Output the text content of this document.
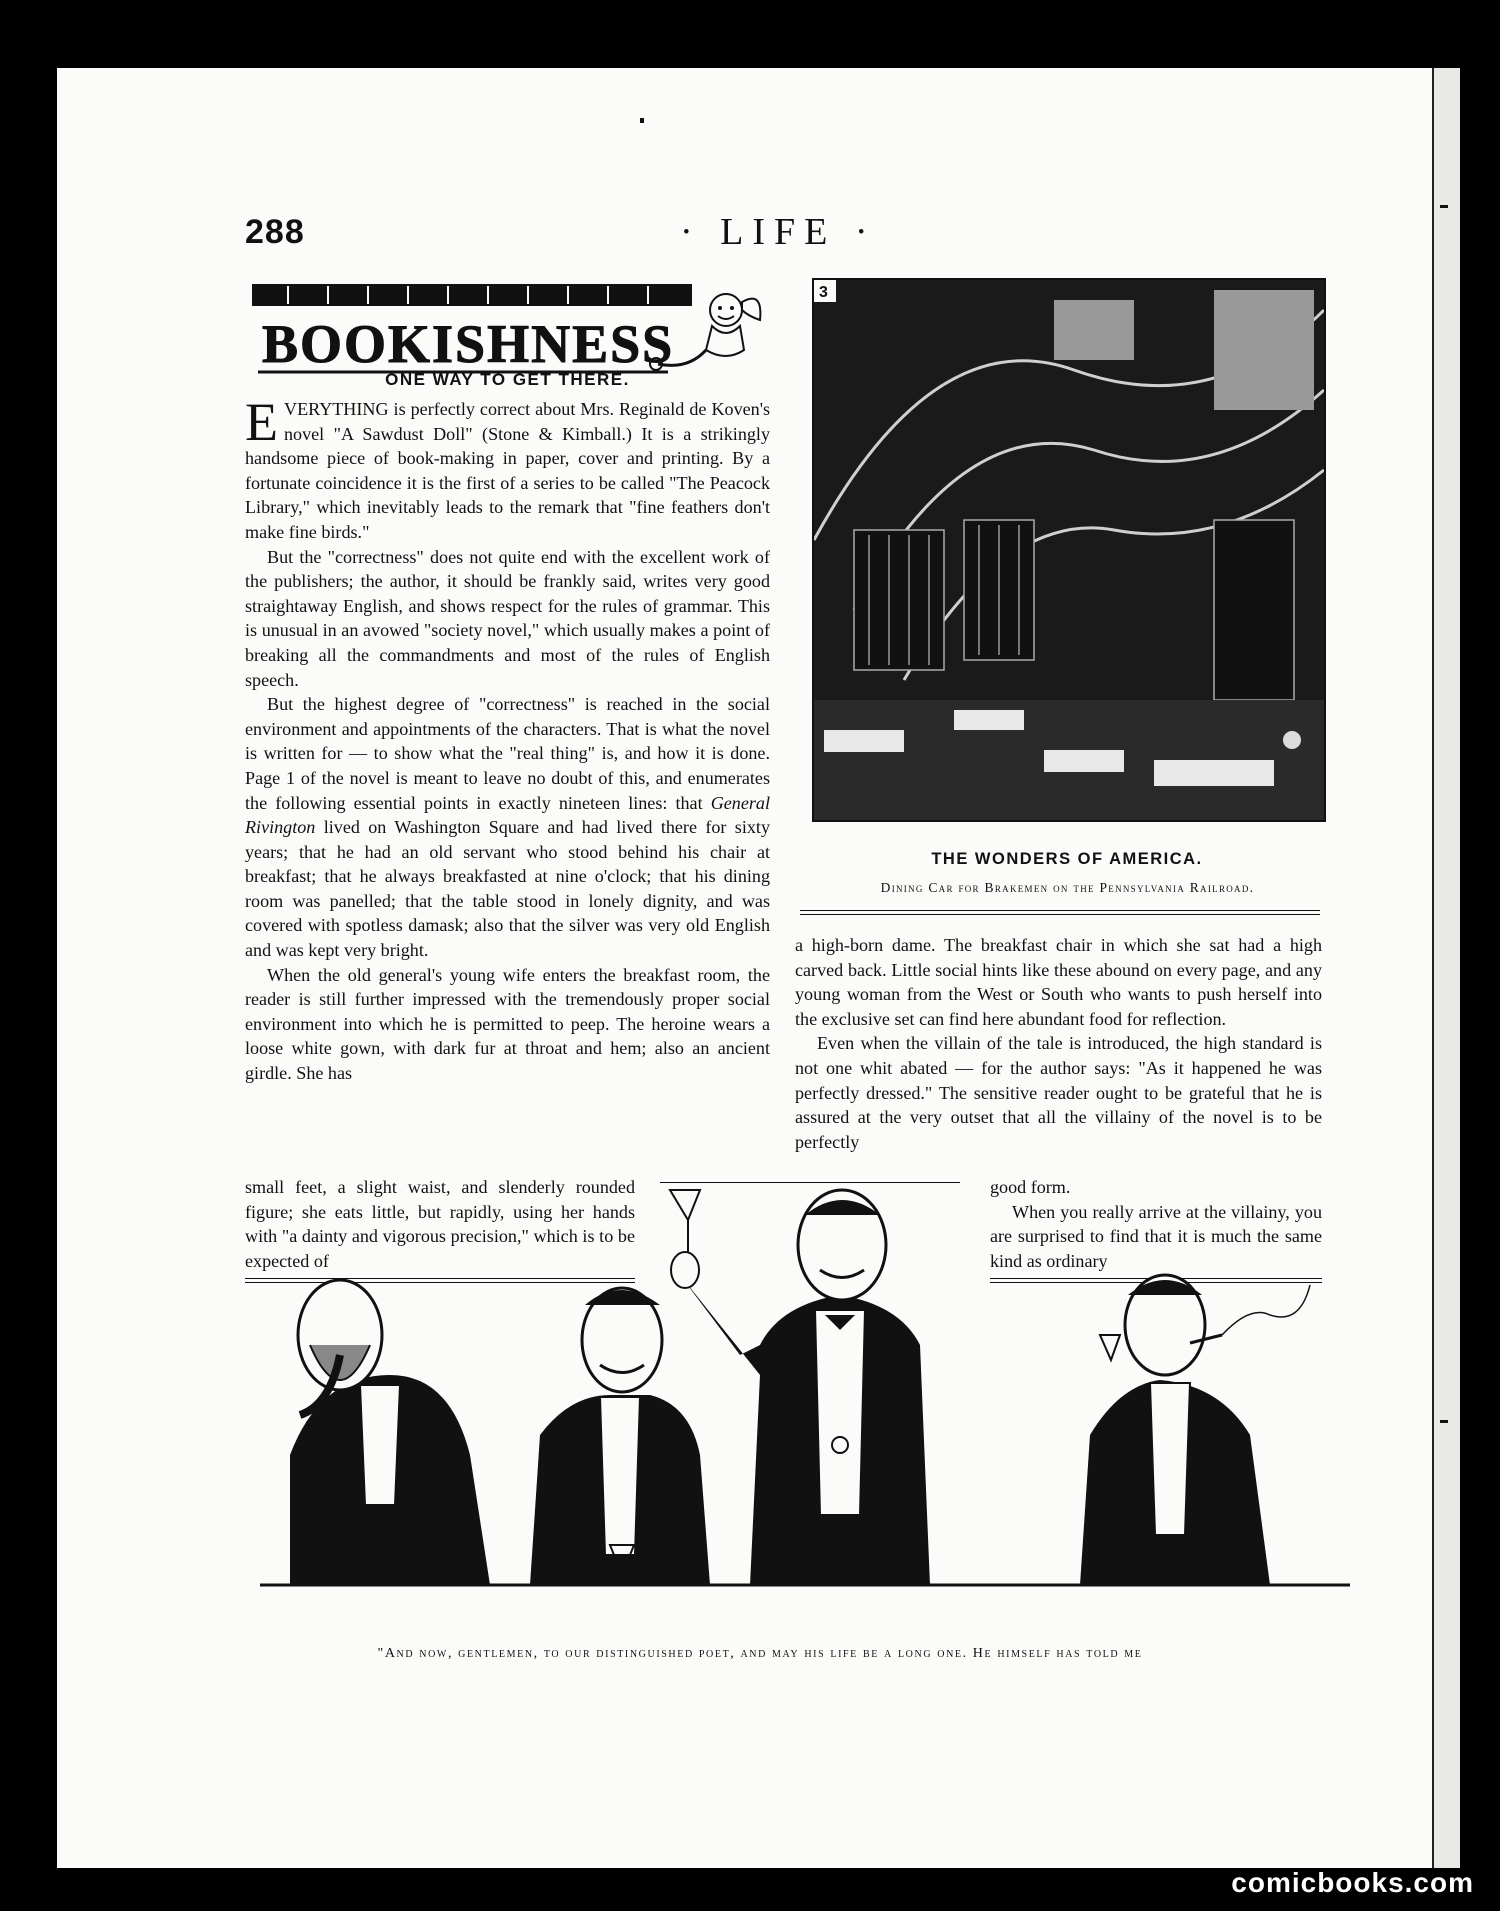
288	· LIFE ·
BOOKISHNESS
ONE WAY TO GET THERE.

EVERYTHING is perfectly correct about Mrs. Reginald de Koven's novel "A Sawdust Doll" (Stone & Kimball.) It is a strikingly handsome piece of book-making in paper, cover and printing. By a fortunate coincidence it is the first of a series to be called "The Peacock Library," which inevitably leads to the remark that "fine feathers don't make fine birds."

But the "correctness" does not quite end with the excellent work of the publishers; the author, it should be frankly said, writes very good straightaway English, and shows respect for the rules of grammar. This is unusual in an avowed "society novel," which usually makes a point of breaking all the commandments and most of the rules of English speech.

But the highest degree of "correctness" is reached in the social environment and appointments of the characters. That is what the novel is written for — to show what the "real thing" is, and how it is done. Page 1 of the novel is meant to leave no doubt of this, and enumerates the following essential points in exactly nineteen lines: that General Rivington lived on Washington Square and had lived there for sixty years; that he had an old servant who stood behind his chair at breakfast; that he always breakfasted at nine o'clock; that his dining room was panelled; that the table stood in lonely dignity, and was covered with spotless damask; also that the silver was very old English and was kept very bright.

When the old general's young wife enters the breakfast room, the reader is still further impressed with the tremendously proper social environment into which he is permitted to peep. The heroine wears a loose white gown, with dark fur at throat and hem; also an ancient girdle. She has

small feet, a slight waist, and slenderly rounded figure; she eats little, but rapidly, using her hands with "a dainty and vigorous precision," which is to be expected of

3
THE WONDERS OF AMERICA.
Dining Car for Brakemen on the Pennsylvania Railroad.

a high-born dame. The breakfast chair in which she sat had a high carved back. Little social hints like these abound on every page, and any young woman from the West or South who wants to push herself into the exclusive set can find here abundant food for reflection.

Even when the villain of the tale is introduced, the high standard is not one whit abated — for the author says: "As it happened he was perfectly dressed." The sensitive reader ought to be grateful that he is assured at the very outset that all the villainy of the novel is to be perfectly

good form.

When you really arrive at the villainy, you are surprised to find that it is much the same kind as ordinary

"And now, gentlemen, to our distinguished poet, and may his life be a long one. He himself has told me
comicbooks.com
